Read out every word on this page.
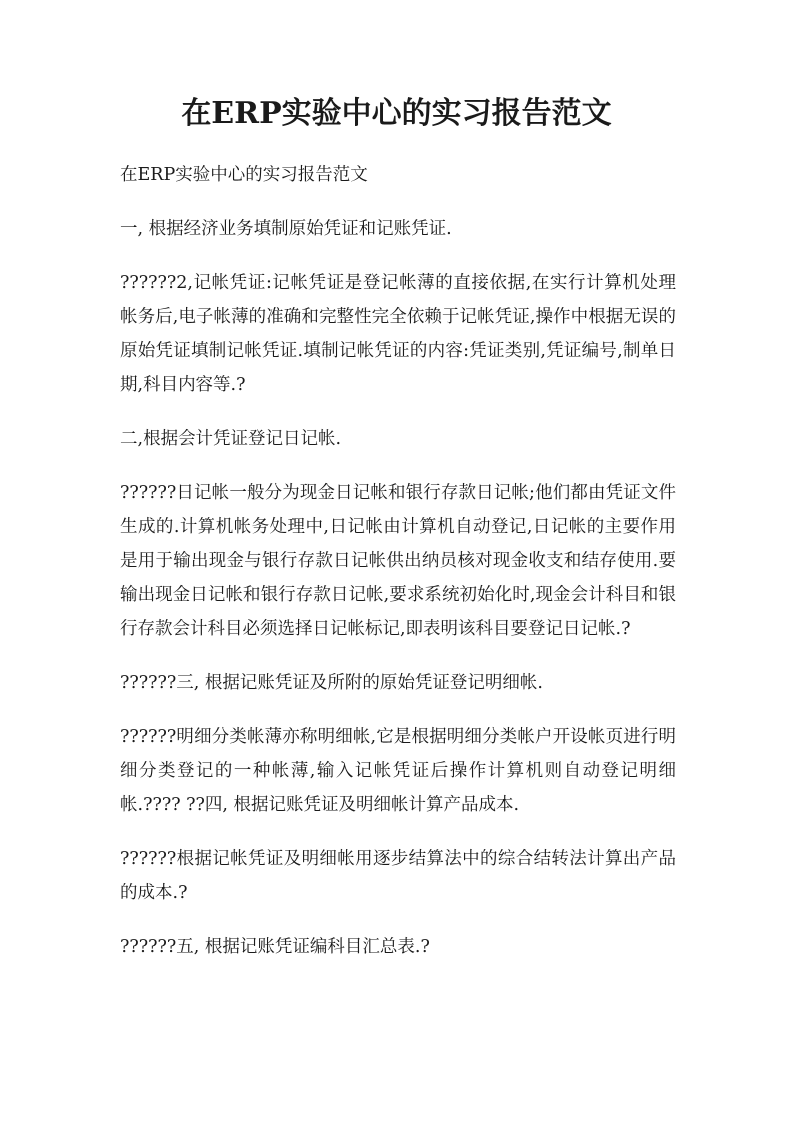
在ERP实验中心的实习报告范文

在ERP实验中心的实习报告范文

一, 根据经济业务填制原始凭证和记账凭证.

??????2,记帐凭证:记帐凭证是登记帐薄的直接依据,在实行计算机处理帐务后,电子帐薄的准确和完整性完全依赖于记帐凭证,操作中根据无误的原始凭证填制记帐凭证.填制记帐凭证的内容:凭证类别,凭证编号,制单日期,科目内容等.?

二,根据会计凭证登记日记帐.

??????日记帐一般分为现金日记帐和银行存款日记帐;他们都由凭证文件生成的.计算机帐务处理中,日记帐由计算机自动登记,日记帐的主要作用是用于输出现金与银行存款日记帐供出纳员核对现金收支和结存使用.要输出现金日记帐和银行存款日记帐,要求系统初始化时,现金会计科目和银行存款会计科目必须选择日记帐标记,即表明该科目要登记日记帐.?

??????三, 根据记账凭证及所附的原始凭证登记明细帐.

??????明细分类帐薄亦称明细帐,它是根据明细分类帐户开设帐页进行明细分类登记的一种帐薄,输入记帐凭证后操作计算机则自动登记明细帐.???? ??四, 根据记账凭证及明细帐计算产品成本.

??????根据记帐凭证及明细帐用逐步结算法中的综合结转法计算出产品的成本.?

??????五, 根据记账凭证编科目汇总表.?
